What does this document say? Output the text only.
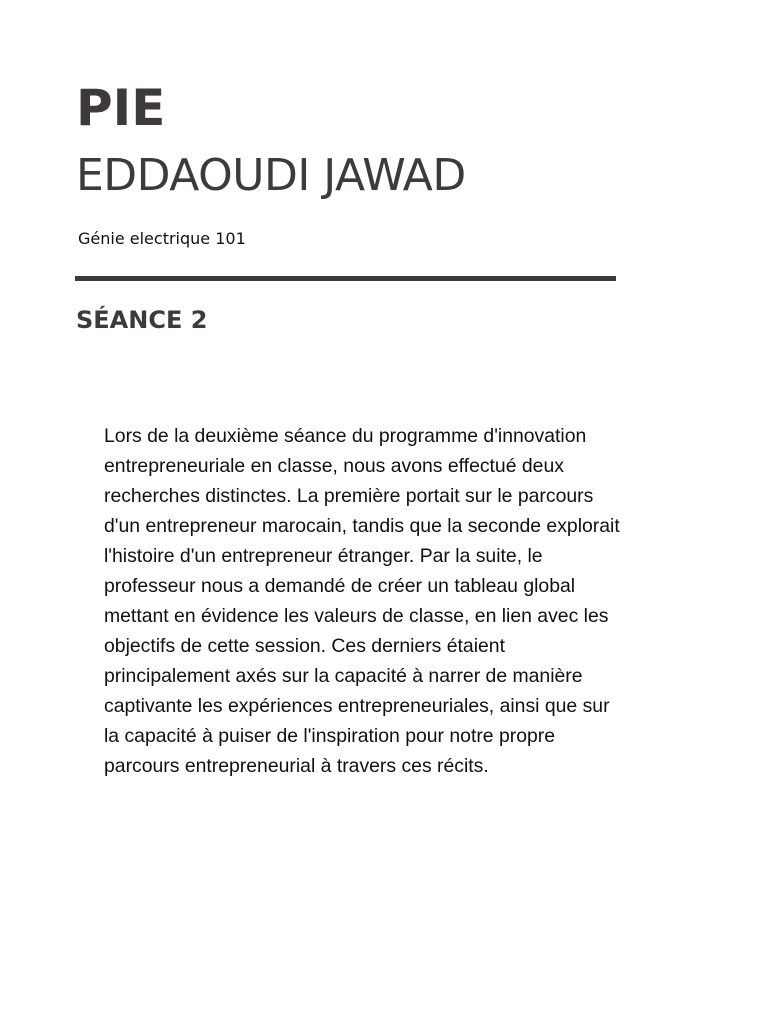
PIE
EDDAOUDI JAWAD

Génie electrique 101

SÉANCE 2

Lors de la deuxième séance du programme d'innovation
entrepreneuriale en classe, nous avons effectué deux
recherches distinctes. La première portait sur le parcours
d'un entrepreneur marocain, tandis que la seconde explorait
l'histoire d'un entrepreneur étranger. Par la suite, le
professeur nous a demandé de créer un tableau global
mettant en évidence les valeurs de classe, en lien avec les
objectifs de cette session. Ces derniers étaient
principalement axés sur la capacité à narrer de manière
captivante les expériences entrepreneuriales, ainsi que sur
la capacité à puiser de l'inspiration pour notre propre
parcours entrepreneurial à travers ces récits.
